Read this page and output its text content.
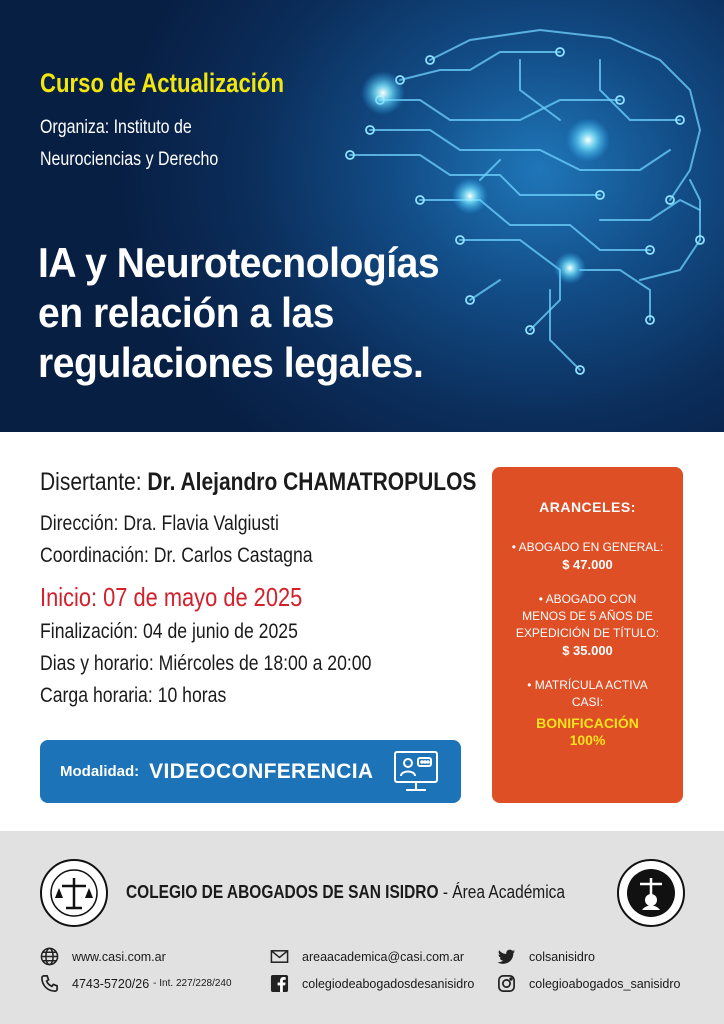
Curso de Actualización
Organiza: Instituto de
Neurociencias y Derecho
IA y Neurotecnologías
en relación a las
regulaciones legales.
Disertante: Dr. Alejandro CHAMATROPULOS
Dirección: Dra. Flavia Valgiusti
Coordinación: Dr. Carlos Castagna
Inicio: 07 de mayo de 2025
Finalización: 04 de junio de 2025
Dias y horario: Miércoles de 18:00 a 20:00
Carga horaria: 10 horas
Modalidad: VIDEOCONFERENCIA
ARANCELES:
• ABOGADO EN GENERAL:
$ 47.000
• ABOGADO CON
MENOS DE 5 AÑOS DE
EXPEDICIÓN DE TÍTULO:
$ 35.000
• MATRÍCULA ACTIVA
CASI:
BONIFICACIÓN
100%
COLEGIO DE ABOGADOS DE SAN ISIDRO - Área Académica
www.casi.com.ar
4743-5720/26 - Int. 227/228/240
areaacademica@casi.com.ar
colegiodeabogadosdesanisidro
colsanisidro
colegioabogados_sanisidro
